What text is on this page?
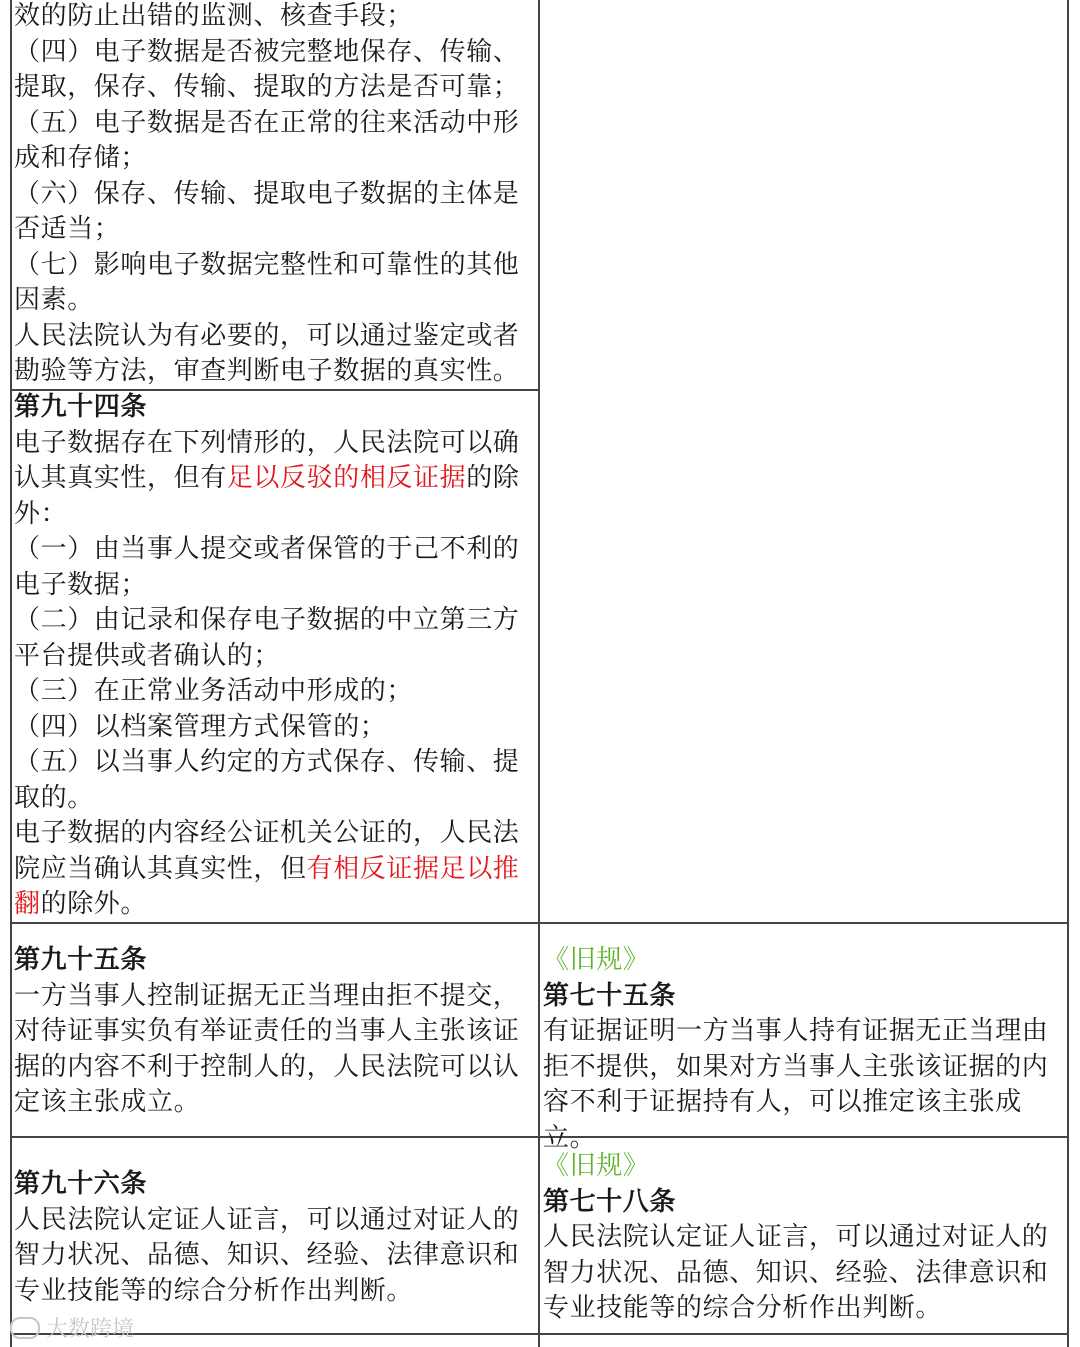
效的防止出错的监测、核查手段；

（四）电子数据是否被完整地保存、传输、提取，保存、传输、提取的方法是否可靠；

（五）电子数据是否在正常的往来活动中形成和存储；

（六）保存、传输、提取电子数据的主体是否适当；

（七）影响电子数据完整性和可靠性的其他因素。

人民法院认为有必要的，可以通过鉴定或者勘验等方法，审查判断电子数据的真实性。

第九十四条

电子数据存在下列情形的，人民法院可以确认其真实性，但有足以反驳的相反证据的除外：

（一）由当事人提交或者保管的于己不利的电子数据；

（二）由记录和保存电子数据的中立第三方平台提供或者确认的；

（三）在正常业务活动中形成的；

（四）以档案管理方式保管的；

（五）以当事人约定的方式保存、传输、提取的。

电子数据的内容经公证机关公证的，人民法院应当确认其真实性，但有相反证据足以推翻的除外。

第九十五条

一方当事人控制证据无正当理由拒不提交，对待证事实负有举证责任的当事人主张该证据的内容不利于控制人的，人民法院可以认定该主张成立。

《旧规》

第七十五条

有证据证明一方当事人持有证据无正当理由拒不提供，如果对方当事人主张该证据的内容不利于证据持有人，可以推定该主张成立。

第九十六条

人民法院认定证人证言，可以通过对证人的智力状况、品德、知识、经验、法律意识和专业技能等的综合分析作出判断。

《旧规》

第七十八条

人民法院认定证人证言，可以通过对证人的智力状况、品德、知识、经验、法律意识和专业技能等的综合分析作出判断。

大数跨境
